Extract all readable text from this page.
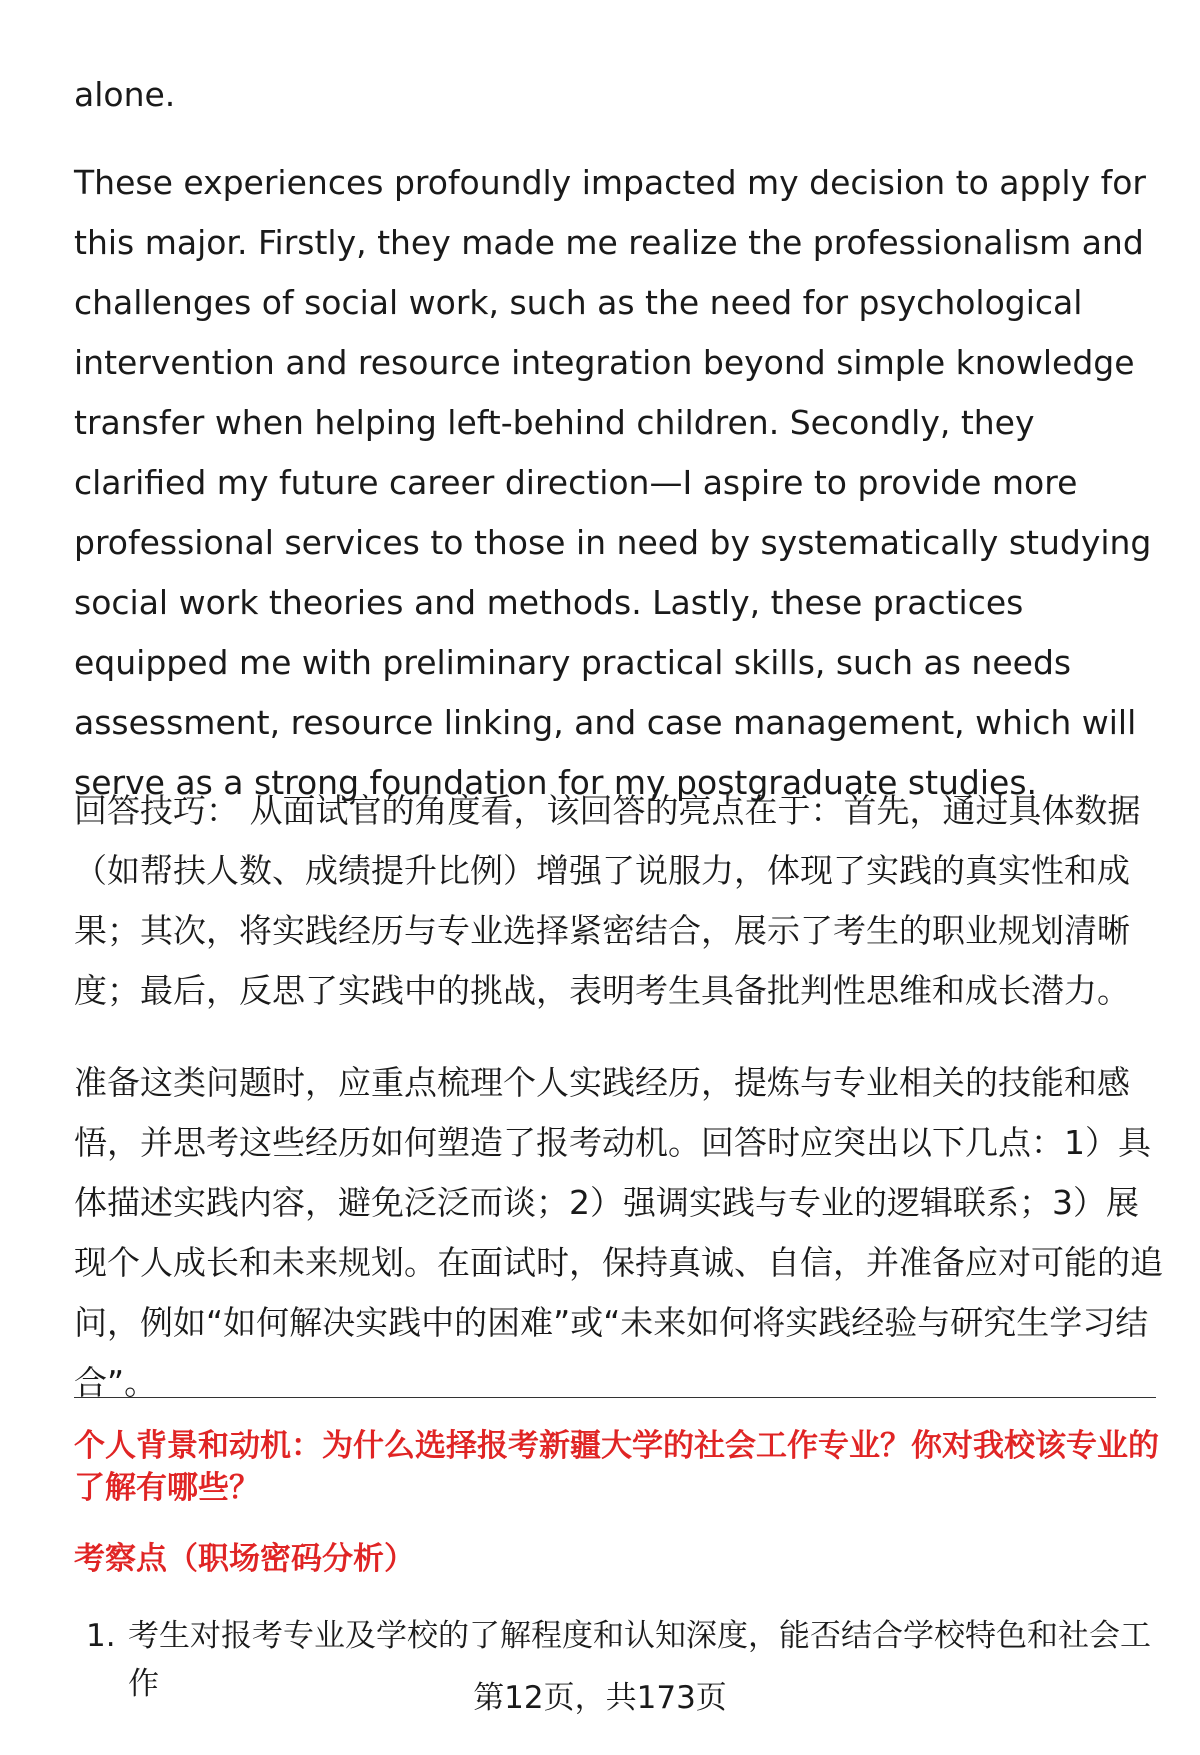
alone.

These experiences profoundly impacted my decision to apply for this major. Firstly, they made me realize the professionalism and challenges of social work, such as the need for psychological intervention and resource integration beyond simple knowledge transfer when helping left-behind children. Secondly, they clarified my future career direction—I aspire to provide more professional services to those in need by systematically studying social work theories and methods. Lastly, these practices equipped me with preliminary practical skills, such as needs assessment, resource linking, and case management, which will serve as a strong foundation for my postgraduate studies.

回答技巧： 从面试官的角度看，该回答的亮点在于：首先，通过具体数据（如帮扶人数、成绩提升比例）增强了说服力，体现了实践的真实性和成果；其次，将实践经历与专业选择紧密结合，展示了考生的职业规划清晰度；最后，反思了实践中的挑战，表明考生具备批判性思维和成长潜力。

准备这类问题时，应重点梳理个人实践经历，提炼与专业相关的技能和感悟，并思考这些经历如何塑造了报考动机。回答时应突出以下几点：1）具体描述实践内容，避免泛泛而谈；2）强调实践与专业的逻辑联系；3）展现个人成长和未来规划。在面试时，保持真诚、自信，并准备应对可能的追问，例如“如何解决实践中的困难”或“未来如何将实践经验与研究生学习结合”。

个人背景和动机：为什么选择报考新疆大学的社会工作专业？你对我校该专业的了解有哪些？
考察点（职场密码分析）
1. 考生对报考专业及学校的了解程度和认知深度，能否结合学校特色和社会工作	第12页，共173页
